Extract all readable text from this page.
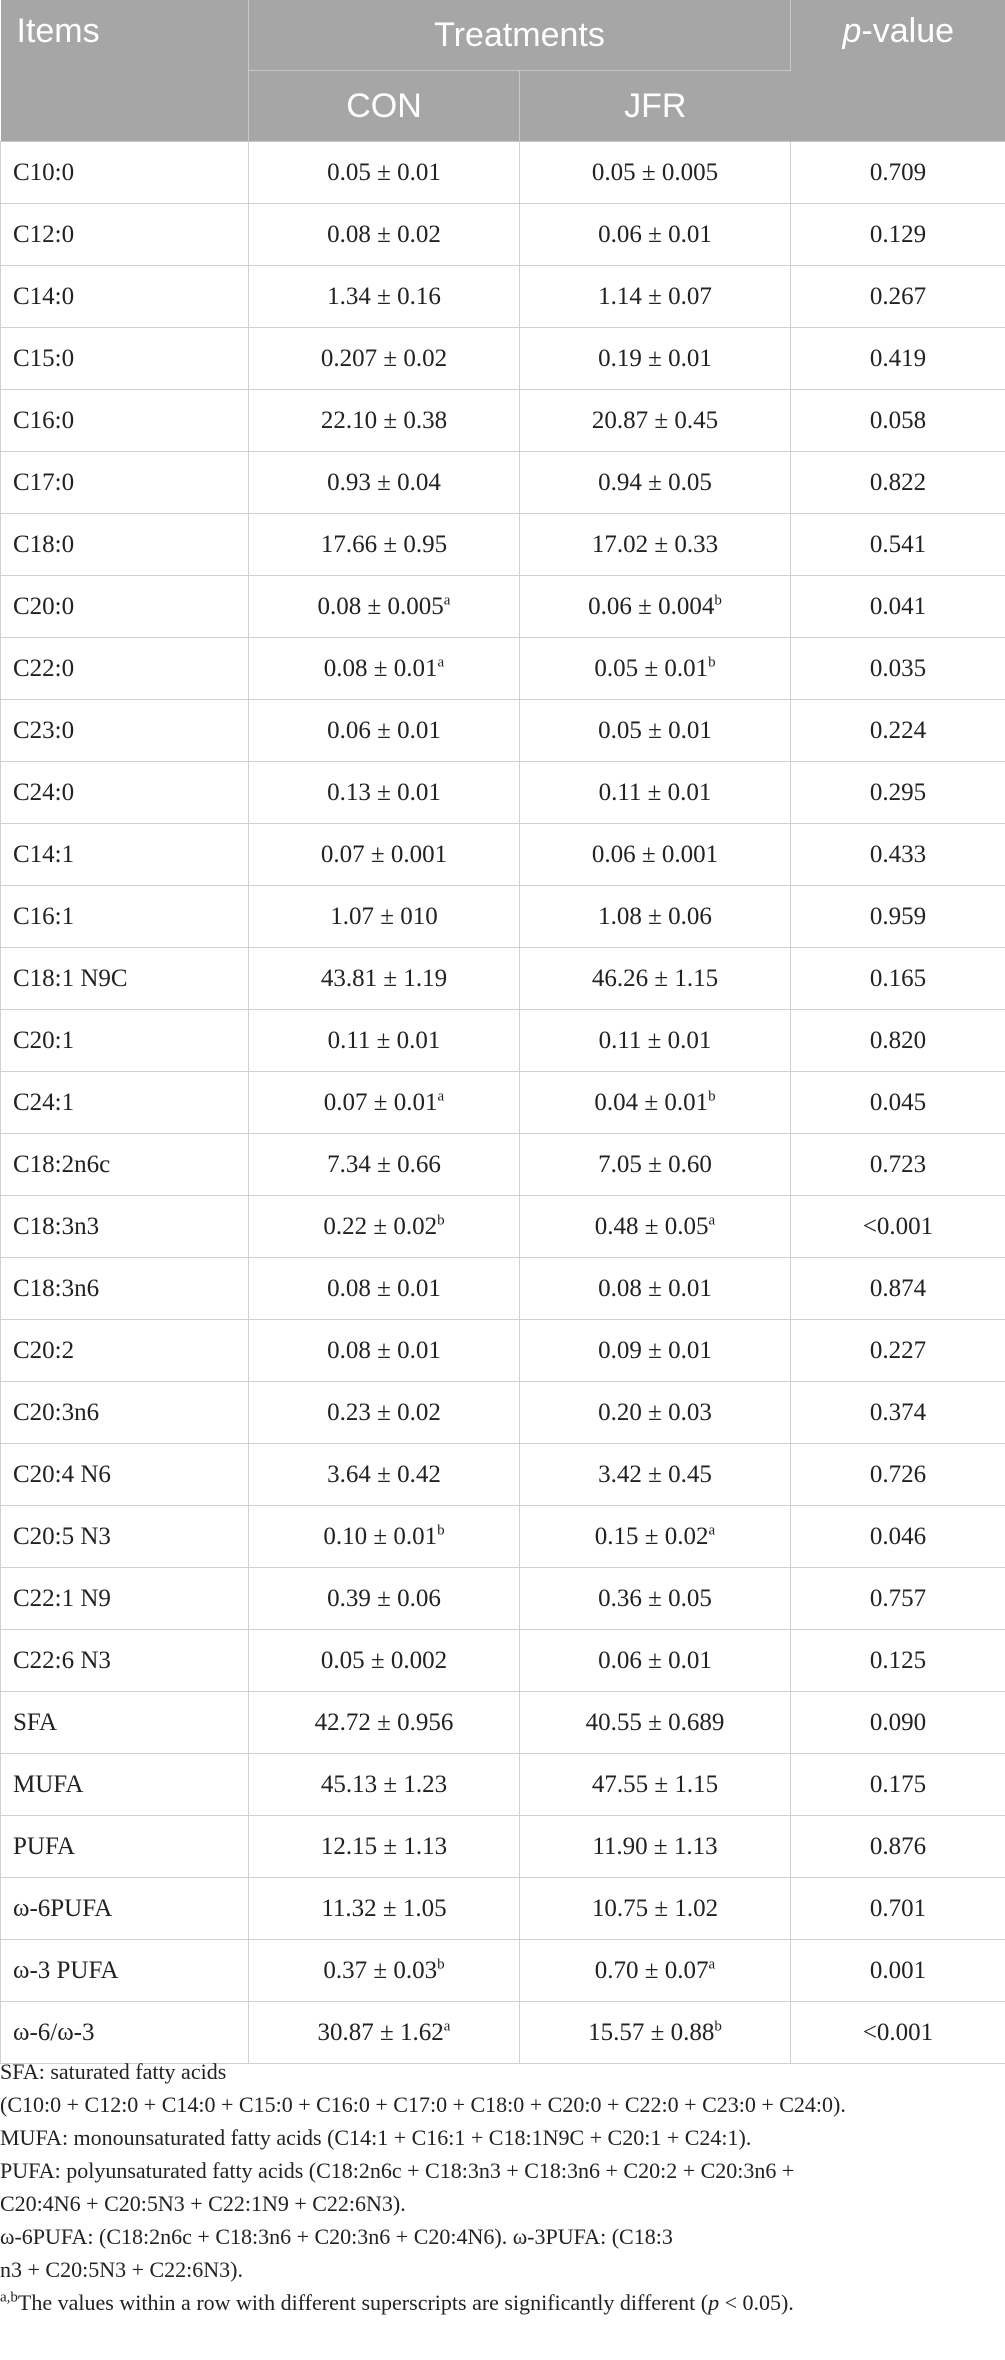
Items	Treatments		p-value
	CON	JFR	
C10:0	0.05 ± 0.01	0.05 ± 0.005	0.709
C12:0	0.08 ± 0.02	0.06 ± 0.01	0.129
C14:0	1.34 ± 0.16	1.14 ± 0.07	0.267
C15:0	0.207 ± 0.02	0.19 ± 0.01	0.419
C16:0	22.10 ± 0.38	20.87 ± 0.45	0.058
C17:0	0.93 ± 0.04	0.94 ± 0.05	0.822
C18:0	17.66 ± 0.95	17.02 ± 0.33	0.541
C20:0	0.08 ± 0.005$^a$	0.06 ± 0.004$^b$	0.041
C22:0	0.08 ± 0.01$^a$	0.05 ± 0.01$^b$	0.035
C23:0	0.06 ± 0.01	0.05 ± 0.01	0.224
C24:0	0.13 ± 0.01	0.11 ± 0.01	0.295
C14:1	0.07 ± 0.001	0.06 ± 0.001	0.433
C16:1	1.07 ± 010	1.08 ± 0.06	0.959
C18:1 N9C	43.81 ± 1.19	46.26 ± 1.15	0.165
C20:1	0.11 ± 0.01	0.11 ± 0.01	0.820
C24:1	0.07 ± 0.01$^a$	0.04 ± 0.01$^b$	0.045
C18:2n6c	7.34 ± 0.66	7.05 ± 0.60	0.723
C18:3n3	0.22 ± 0.02$^b$	0.48 ± 0.05$^a$	<0.001
C18:3n6	0.08 ± 0.01	0.08 ± 0.01	0.874
C20:2	0.08 ± 0.01	0.09 ± 0.01	0.227
C20:3n6	0.23 ± 0.02	0.20 ± 0.03	0.374
C20:4 N6	3.64 ± 0.42	3.42 ± 0.45	0.726
C20:5 N3	0.10 ± 0.01$^b$	0.15 ± 0.02$^a$	0.046
C22:1 N9	0.39 ± 0.06	0.36 ± 0.05	0.757
C22:6 N3	0.05 ± 0.002	0.06 ± 0.01	0.125
SFA	42.72 ± 0.956	40.55 ± 0.689	0.090
MUFA	45.13 ± 1.23	47.55 ± 1.15	0.175
PUFA	12.15 ± 1.13	11.90 ± 1.13	0.876
ω-6PUFA	11.32 ± 1.05	10.75 ± 1.02	0.701
ω-3 PUFA	0.37 ± 0.03$^b$	0.70 ± 0.07$^a$	0.001
ω-6/ω-3	30.87 ± 1.62$^a$	15.57 ± 0.88$^b$	<0.001
SFA: saturated fatty acids
(C10:0 + C12:0 + C14:0 + C15:0 + C16:0 + C17:0 + C18:0 + C20:0 + C22:0 + C23:0 + C24:0).
MUFA: monounsaturated fatty acids (C14:1 + C16:1 + C18:1N9C + C20:1 + C24:1).
PUFA: polyunsaturated fatty acids (C18:2n6c + C18:3n3 + C18:3n6 + C20:2 + C20:3n6 +
C20:4N6 + C20:5N3 + C22:1N9 + C22:6N3).
ω-6PUFA: (C18:2n6c + C18:3n6 + C20:3n6 + C20:4N6). ω-3PUFA: (C18:3
n3 + C20:5N3 + C22:6N3).
$^{a,b}$The values within a row with different superscripts are significantly different (p < 0.05).
